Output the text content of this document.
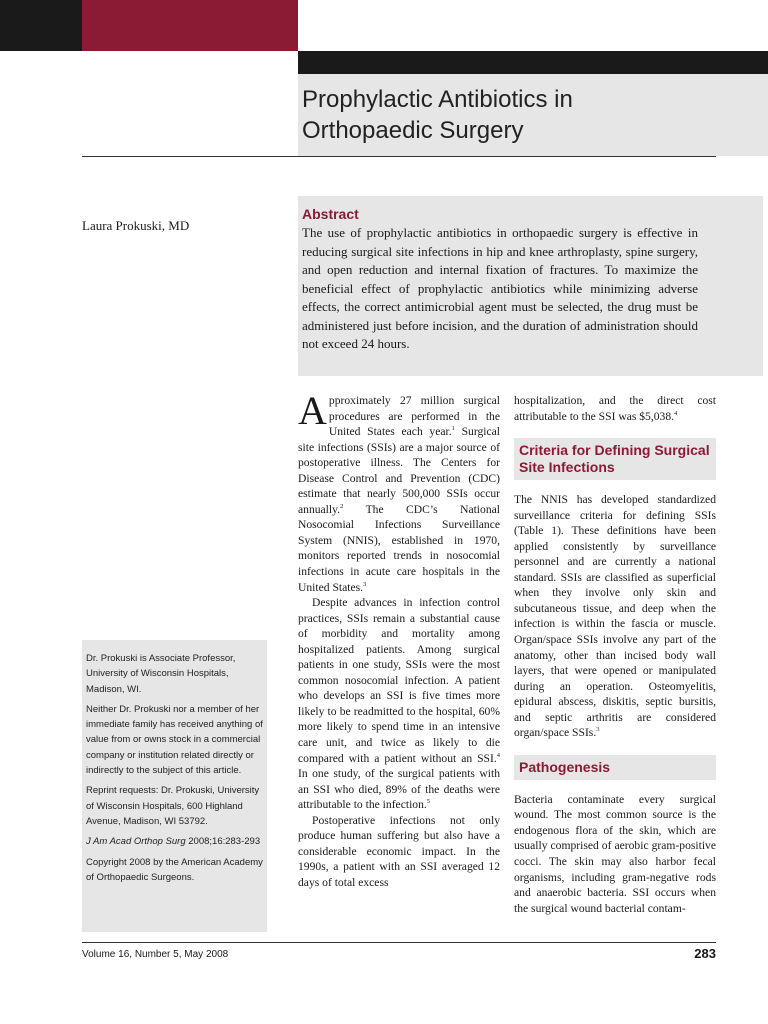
Prophylactic Antibiotics in
Orthopaedic Surgery
Laura Prokuski, MD
Abstract
The use of prophylactic antibiotics in orthopaedic surgery is effective in reducing surgical site infections in hip and knee arthroplasty, spine surgery, and open reduction and internal fixation of fractures. To maximize the beneficial effect of prophylactic antibiotics while minimizing adverse effects, the correct antimicrobial agent must be selected, the drug must be administered just before incision, and the duration of administration should not exceed 24 hours.

Approximately 27 million surgical procedures are performed in the United States each year.$^1$ Surgical site infections (SSIs) are a major source of postoperative illness. The Centers for Disease Control and Prevention (CDC) estimate that nearly 500,000 SSIs occur annually.$^2$ The CDC’s National Nosocomial Infections Surveillance System (NNIS), established in 1970, monitors reported trends in nosocomial infections in acute care hospitals in the United States.$^3$

Despite advances in infection control practices, SSIs remain a substantial cause of morbidity and mortality among hospitalized patients. Among surgical patients in one study, SSIs were the most common nosocomial infection. A patient who develops an SSI is five times more likely to be readmitted to the hospital, 60% more likely to spend time in an intensive care unit, and twice as likely to die compared with a patient without an SSI.$^4$ In one study, of the surgical patients with an SSI who died, 89% of the deaths were attributable to the infection.$^5$

Postoperative infections not only produce human suffering but also have a considerable economic impact. In the 1990s, a patient with an SSI averaged 12 days of total excess

hospitalization, and the direct cost attributable to the SSI was $5,038.$^4$

Criteria for Defining Surgical Site Infections

The NNIS has developed standardized surveillance criteria for defining SSIs (Table 1). These definitions have been applied consistently by surveillance personnel and are currently a national standard. SSIs are classified as superficial when they involve only skin and subcutaneous tissue, and deep when the infection is within the fascia or muscle. Organ/space SSIs involve any part of the anatomy, other than incised body wall layers, that were opened or manipulated during an operation. Osteomyelitis, epidural abscess, diskitis, septic bursitis, and septic arthritis are considered organ/space SSIs.$^3$

Pathogenesis

Bacteria contaminate every surgical wound. The most common source is the endogenous flora of the skin, which are usually comprised of aerobic gram-positive cocci. The skin may also harbor fecal organisms, including gram-negative rods and anaerobic bacteria. SSI occurs when the surgical wound bacterial contam-

Dr. Prokuski is Associate Professor, University of Wisconsin Hospitals, Madison, WI.

Neither Dr. Prokuski nor a member of her immediate family has received anything of value from or owns stock in a commercial company or institution related directly or indirectly to the subject of this article.

Reprint requests: Dr. Prokuski, University of Wisconsin Hospitals, 600 Highland Avenue, Madison, WI 53792.

J Am Acad Orthop Surg 2008;16:283-293

Copyright 2008 by the American Academy of Orthopaedic Surgeons.

Volume 16, Number 5, May 2008	283
